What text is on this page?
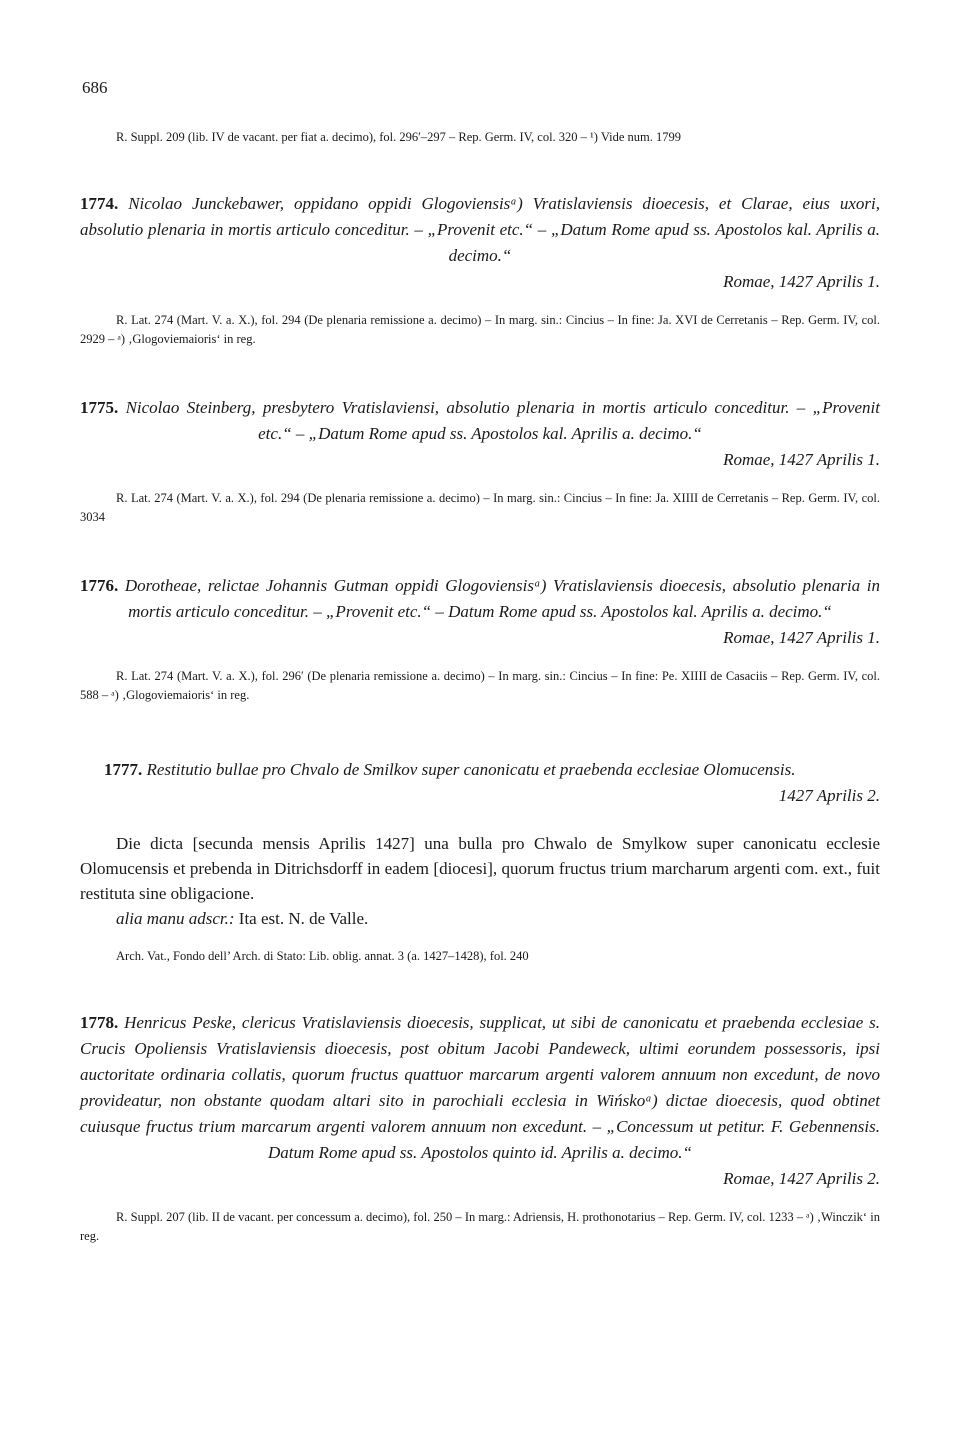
686

R. Suppl. 209 (lib. IV de vacant. per fiat a. decimo), fol. 296′–297 – Rep. Germ. IV, col. 320 – ¹) Vide num. 1799

1774. Nicolao Junckebawer, oppidano oppidi Glogoviensisᵃ) Vratislaviensis dioecesis, et Clarae, eius uxori, absolutio plenaria in mortis articulo conceditur. – „Provenit etc.“ – „Datum Rome apud ss. Apostolos kal. Aprilis a. decimo.“

Romae, 1427 Aprilis 1.

R. Lat. 274 (Mart. V. a. X.), fol. 294 (De plenaria remissione a. decimo) – In marg. sin.: Cincius – In fine: Ja. XVI de Cerretanis – Rep. Germ. IV, col. 2929 – ᵃ) ‚Glogoviemaioris‘ in reg.

1775. Nicolao Steinberg, presbytero Vratislaviensi, absolutio plenaria in mortis articulo conceditur. – „Provenit etc.“ – „Datum Rome apud ss. Apostolos kal. Aprilis a. decimo.“

Romae, 1427 Aprilis 1.

R. Lat. 274 (Mart. V. a. X.), fol. 294 (De plenaria remissione a. decimo) – In marg. sin.: Cincius – In fine: Ja. XIIII de Cerretanis – Rep. Germ. IV, col. 3034

1776. Dorotheae, relictae Johannis Gutman oppidi Glogoviensisᵃ) Vratislaviensis dioecesis, absolutio plenaria in mortis articulo conceditur. – „Provenit etc.“ – Datum Rome apud ss. Apostolos kal. Aprilis a. decimo.“

Romae, 1427 Aprilis 1.

R. Lat. 274 (Mart. V. a. X.), fol. 296′ (De plenaria remissione a. decimo) – In marg. sin.: Cincius – In fine: Pe. XIIII de Casaciis – Rep. Germ. IV, col. 588 – ᵃ) ‚Glogoviemaioris‘ in reg.

1777. Restitutio bullae pro Chvalo de Smilkov super canonicatu et praebenda ecclesiae Olomucensis.

1427 Aprilis 2.

Die dicta [secunda mensis Aprilis 1427] una bulla pro Chwalo de Smylkow super canonicatu ecclesie Olomucensis et prebenda in Ditrichsdorff in eadem [diocesi], quorum fructus trium marcharum argenti com. ext., fuit restituta sine obligacione.

alia manu adscr.: Ita est. N. de Valle.

Arch. Vat., Fondo dell’ Arch. di Stato: Lib. oblig. annat. 3 (a. 1427–1428), fol. 240

1778. Henricus Peske, clericus Vratislaviensis dioecesis, supplicat, ut sibi de canonicatu et praebenda ecclesiae s. Crucis Opoliensis Vratislaviensis dioecesis, post obitum Jacobi Pandeweck, ultimi eorundem possessoris, ipsi auctoritate ordinaria collatis, quorum fructus quattuor marcarum argenti valorem annuum non excedunt, de novo provideatur, non obstante quodam altari sito in parochiali ecclesia in Wińskoᵃ) dictae dioecesis, quod obtinet cuiusque fructus trium marcarum argenti valorem annuum non excedunt. – „Concessum ut petitur. F. Gebennensis. Datum Rome apud ss. Apostolos quinto id. Aprilis a. decimo.“

Romae, 1427 Aprilis 2.

R. Suppl. 207 (lib. II de vacant. per concessum a. decimo), fol. 250 – In marg.: Adriensis, H. prothonotarius – Rep. Germ. IV, col. 1233 – ᵃ) ‚Winczik‘ in reg.
